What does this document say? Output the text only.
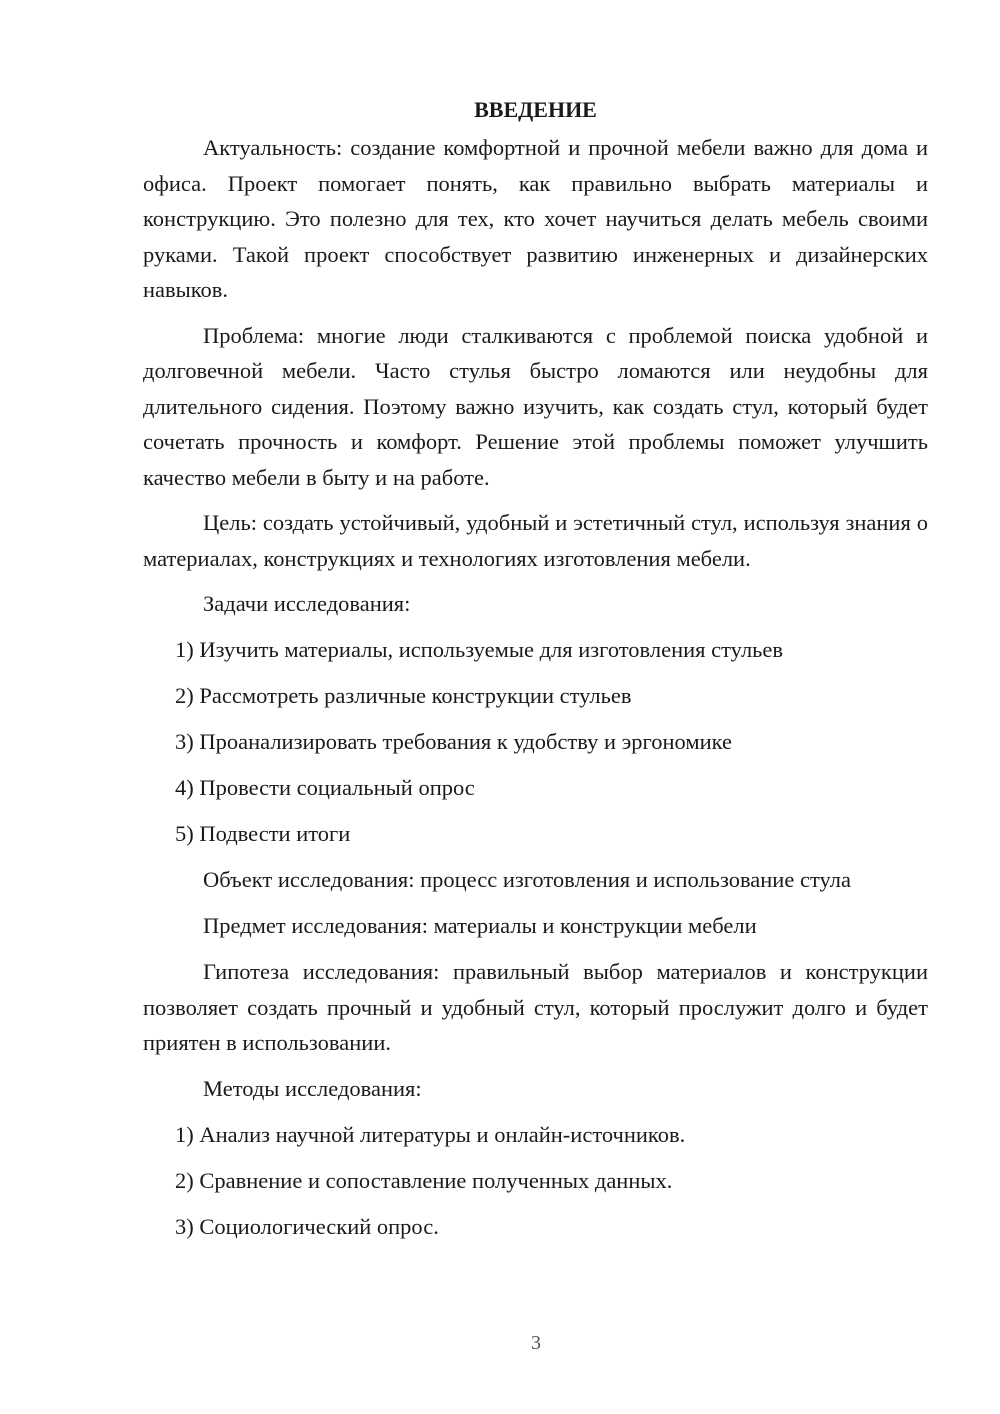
ВВЕДЕНИЕ

Актуальность: создание комфортной и прочной мебели важно для дома и офиса. Проект помогает понять, как правильно выбрать материалы и конструкцию. Это полезно для тех, кто хочет научиться делать мебель своими руками. Такой проект способствует развитию инженерных и дизайнерских навыков.

Проблема: многие люди сталкиваются с проблемой поиска удобной и долговечной мебели. Часто стулья быстро ломаются или неудобны для длительного сидения. Поэтому важно изучить, как создать стул, который будет сочетать прочность и комфорт. Решение этой проблемы поможет улучшить качество мебели в быту и на работе.

Цель: создать устойчивый, удобный и эстетичный стул, используя знания о материалах, конструкциях и технологиях изготовления мебели.

Задачи исследования:
1) Изучить материалы, используемые для изготовления стульев
2) Рассмотреть различные конструкции стульев
3) Проанализировать требования к удобству и эргономике
4) Провести социальный опрос
5) Подвести итоги
Объект исследования: процесс изготовления и использование стула
Предмет исследования: материалы и конструкции мебели

Гипотеза исследования: правильный выбор материалов и конструкции позволяет создать прочный и удобный стул, который прослужит долго и будет приятен в использовании.

Методы исследования:
1) Анализ научной литературы и онлайн-источников.
2) Сравнение и сопоставление полученных данных.
3) Социологический опрос.
3
